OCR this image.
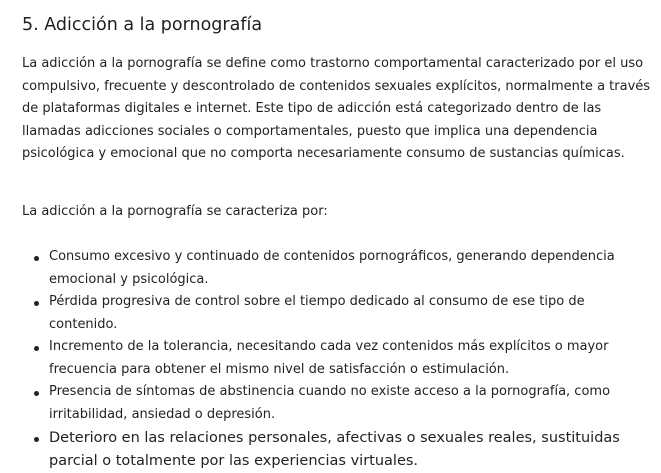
5. Adicción a la pornografía

La adicción a la pornografía se define como trastorno comportamental caracterizado por el uso compulsivo, frecuente y descontrolado de contenidos sexuales explícitos, normalmente a través de plataformas digitales e internet. Este tipo de adicción está categorizado dentro de las llamadas adicciones sociales o comportamentales, puesto que implica una dependencia psicológica y emocional que no comporta necesariamente consumo de sustancias químicas.

La adicción a la pornografía se caracteriza por:

Consumo excesivo y continuado de contenidos pornográficos, generando dependencia emocional y psicológica.
Pérdida progresiva de control sobre el tiempo dedicado al consumo de ese tipo de contenido.
Incremento de la tolerancia, necesitando cada vez contenidos más explícitos o mayor frecuencia para obtener el mismo nivel de satisfacción o estimulación.
Presencia de síntomas de abstinencia cuando no existe acceso a la pornografía, como irritabilidad, ansiedad o depresión.
Deterioro en las relaciones personales, afectivas o sexuales reales, sustituidas parcial o totalmente por las experiencias virtuales.
